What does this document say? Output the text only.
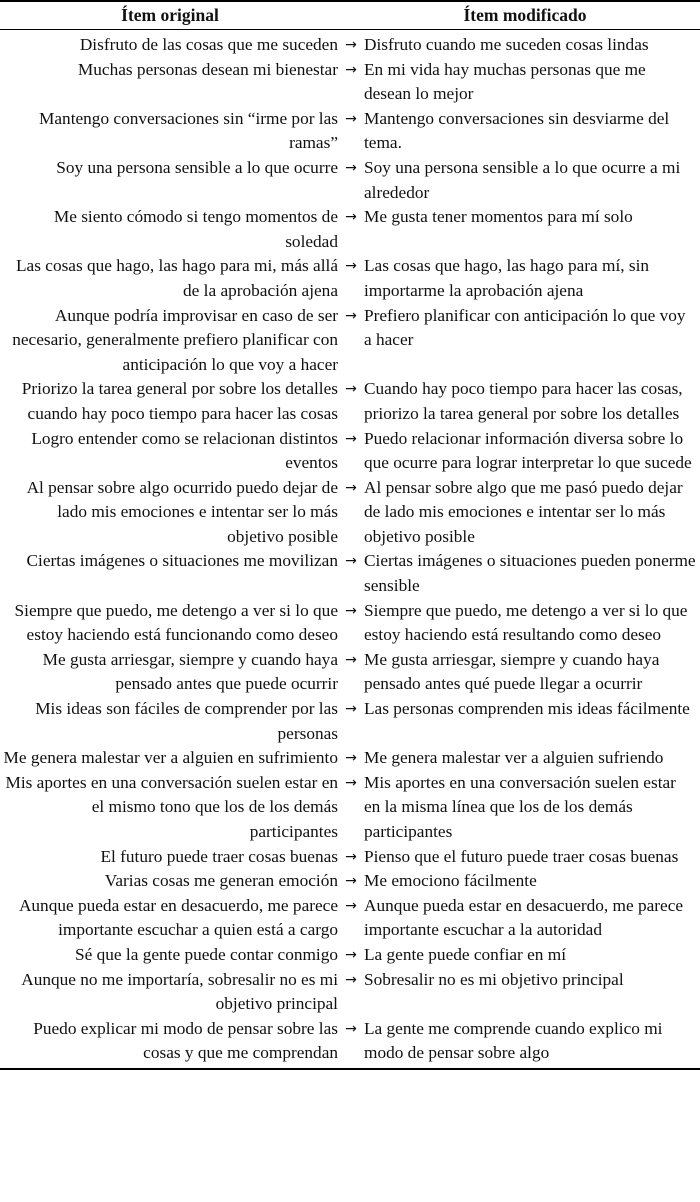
Ítem original	Ítem modificado
Disfruto de las cosas que me suceden → Disfruto cuando me suceden cosas lindas
Muchas personas desean mi bienestar → En mi vida hay muchas personas que me desean lo mejor
Mantengo conversaciones sin “irme por las ramas”
→ Mantengo conversaciones sin desviarme del tema.
Soy una persona sensible a lo que ocurre → Soy una persona sensible a lo que ocurre a mi alrededor
Me siento cómodo si tengo momentos de soledad
→ Me gusta tener momentos para mí solo
Las cosas que hago, las hago para mi, más allá de la aprobación ajena
→ Las cosas que hago, las hago para mí, sin importarme la aprobación ajena
Aunque podría improvisar en caso de ser necesario, generalmente prefiero planificar con anticipación lo que voy a hacer
→ Prefiero planificar con anticipación lo que voy a hacer
Priorizo la tarea general por sobre los detalles cuando hay poco tiempo para hacer las cosas
→ Cuando hay poco tiempo para hacer las cosas, priorizo la tarea general por sobre los detalles
Logro entender como se relacionan distintos eventos
→ Puedo relacionar información diversa sobre lo que ocurre para lograr interpretar lo que sucede
Al pensar sobre algo ocurrido puedo dejar de lado mis emociones e intentar ser lo más objetivo posible
→ Al pensar sobre algo que me pasó puedo dejar de lado mis emociones e intentar ser lo más objetivo posible
Ciertas imágenes o situaciones me movilizan → Ciertas imágenes o situaciones pueden ponerme sensible
Siempre que puedo, me detengo a ver si lo que estoy haciendo está funcionando como deseo
→ Siempre que puedo, me detengo a ver si lo que estoy haciendo está resultando como deseo
Me gusta arriesgar, siempre y cuando haya pensado antes que puede ocurrir
→ Me gusta arriesgar, siempre y cuando haya pensado antes qué puede llegar a ocurrir
Mis ideas son fáciles de comprender por las personas
→ Las personas comprenden mis ideas fácilmente
Me genera malestar ver a alguien en sufrimiento → Me genera malestar ver a alguien sufriendo
Mis aportes en una conversación suelen estar en el mismo tono que los de los demás participantes
→ Mis aportes en una conversación suelen estar en la misma línea que los de los demás participantes
El futuro puede traer cosas buenas → Pienso que el futuro puede traer cosas buenas
Varias cosas me generan emoción → Me emociono fácilmente
Aunque pueda estar en desacuerdo, me parece importante escuchar a quien está a cargo
→ Aunque pueda estar en desacuerdo, me parece importante escuchar a la autoridad
Sé que la gente puede contar conmigo → La gente puede confiar en mí
Aunque no me importaría, sobresalir no es mi objetivo principal
→ Sobresalir no es mi objetivo principal
Puedo explicar mi modo de pensar sobre las cosas y que me comprendan
→ La gente me comprende cuando explico mi modo de pensar sobre algo
